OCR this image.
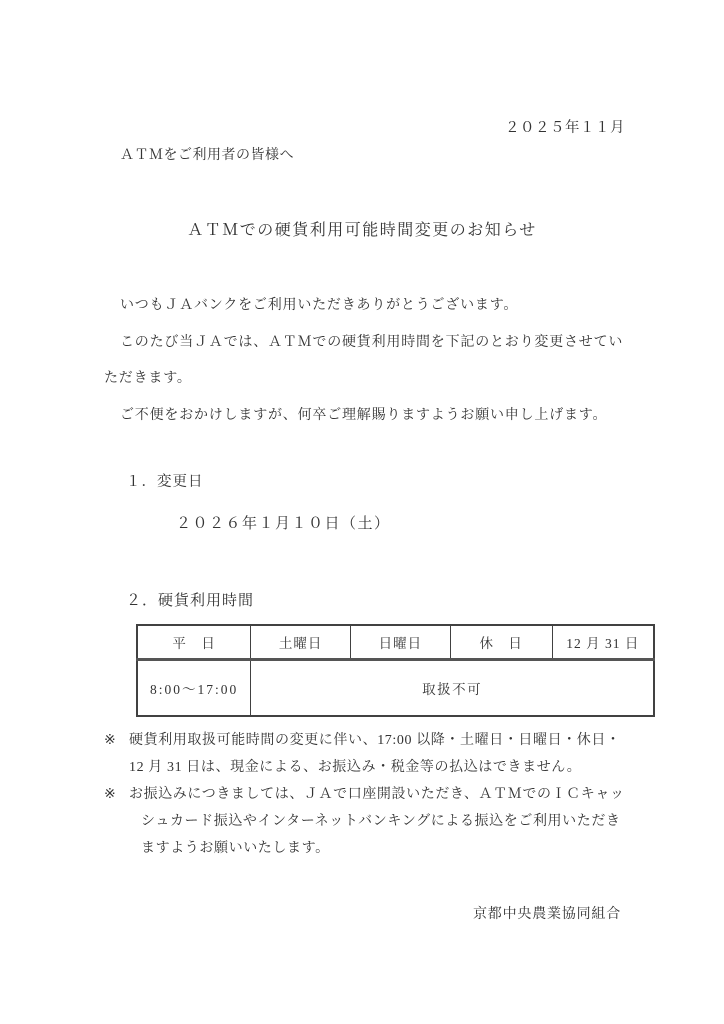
２０２５年１１月
ＡＴＭをご利用者の皆様へ
ＡＴＭでの硬貨利用可能時間変更のお知らせ

いつもＪＡバンクをご利用いただきありがとうございます。

このたび当ＪＡでは、ＡＴＭでの硬貨利用時間を下記のとおり変更させてい

ただきます。

ご不便をおかけしますが、何卒ご理解賜りますようお願い申し上げます。

１．変更日
２０２６年１月１０日（土）
２．硬貨利用時間
平　日	土曜日	日曜日	休　日	12 月 31 日
8:00～17:00	取扱不可			
※ 硬貨利用取扱可能時間の変更に伴い、17:00 以降・土曜日・日曜日・休日・

12 月 31 日は、現金による、お振込み・税金等の払込はできません。

※ お振込みにつきましては、ＪＡで口座開設いただき、ＡＴＭでのＩＣキャッ

シュカード振込やインターネットバンキングによる振込をご利用いただき

ますようお願いいたします。

京都中央農業協同組合
